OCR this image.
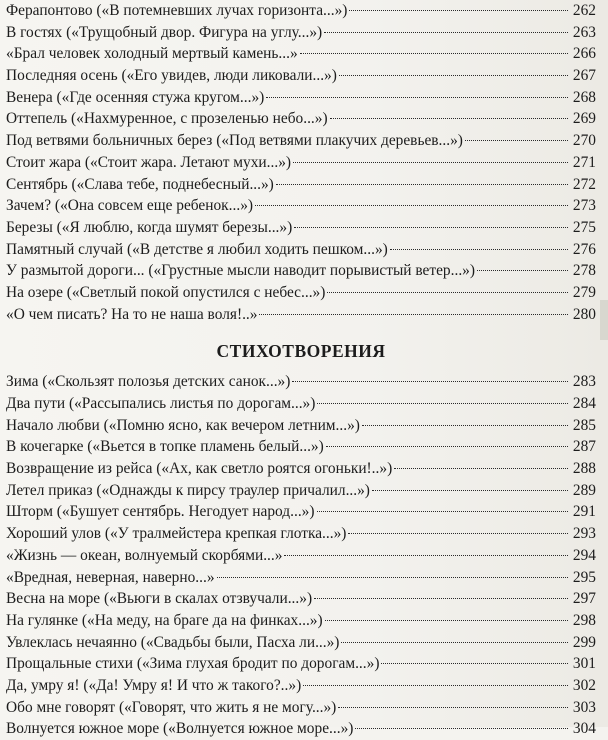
Ферапонтово («В потемневших лучах горизонта...»)	262
В гостях («Трущобный двор. Фигура на углу...»)	263
«Брал человек холодный мертвый камень...»	266
Последняя осень («Его увидев, люди ликовали...»)	267
Венера («Где осенняя стужа кругом...»)	268
Оттепель («Нахмуренное, с прозеленью небо...»)	269
Под ветвями больничных берез («Под ветвями плакучих деревьев...»)	270
Стоит жара («Стоит жара. Летают мухи...»)	271
Сентябрь («Слава тебе, поднебесный...»)	272
Зачем? («Она совсем еще ребенок...»)	273
Березы («Я люблю, когда шумят березы...»)	275
Памятный случай («В детстве я любил ходить пешком...»)	276
У размытой дороги... («Грустные мысли наводит порывистый ветер...»)	278
На озере («Светлый покой опустился с небес...»)	279
«О чем писать? На то не наша воля!..»	280
СТИХОТВОРЕНИЯ
Зима («Скользят полозья детских санок...»)	283
Два пути («Рассыпались листья по дорогам...»)	284
Начало любви («Помню ясно, как вечером летним...»)	285
В кочегарке («Вьется в топке пламень белый...»)	287
Возвращение из рейса («Ах, как светло роятся огоньки!..»)	288
Летел приказ («Однажды к пирсу траулер причалил...»)	289
Шторм («Бушует сентябрь. Негодует народ...»)	291
Хороший улов («У тралмейстера крепкая глотка...»)	293
«Жизнь — океан, волнуемый скорбями...»	294
«Вредная, неверная, наверно...»	295
Весна на море («Вьюги в скалах отзвучали...»)	297
На гулянке («На меду, на браге да на финках...»)	298
Увлеклась нечаянно («Свадьбы были, Пасха ли...»)	299
Прощальные стихи («Зима глухая бродит по дорогам...»)	301
Да, умру я! («Да! Умру я! И что ж такого?..»)	302
Обо мне говорят («Говорят, что жить я не могу...»)	303
Волнуется южное море («Волнуется южное море...»)	304
